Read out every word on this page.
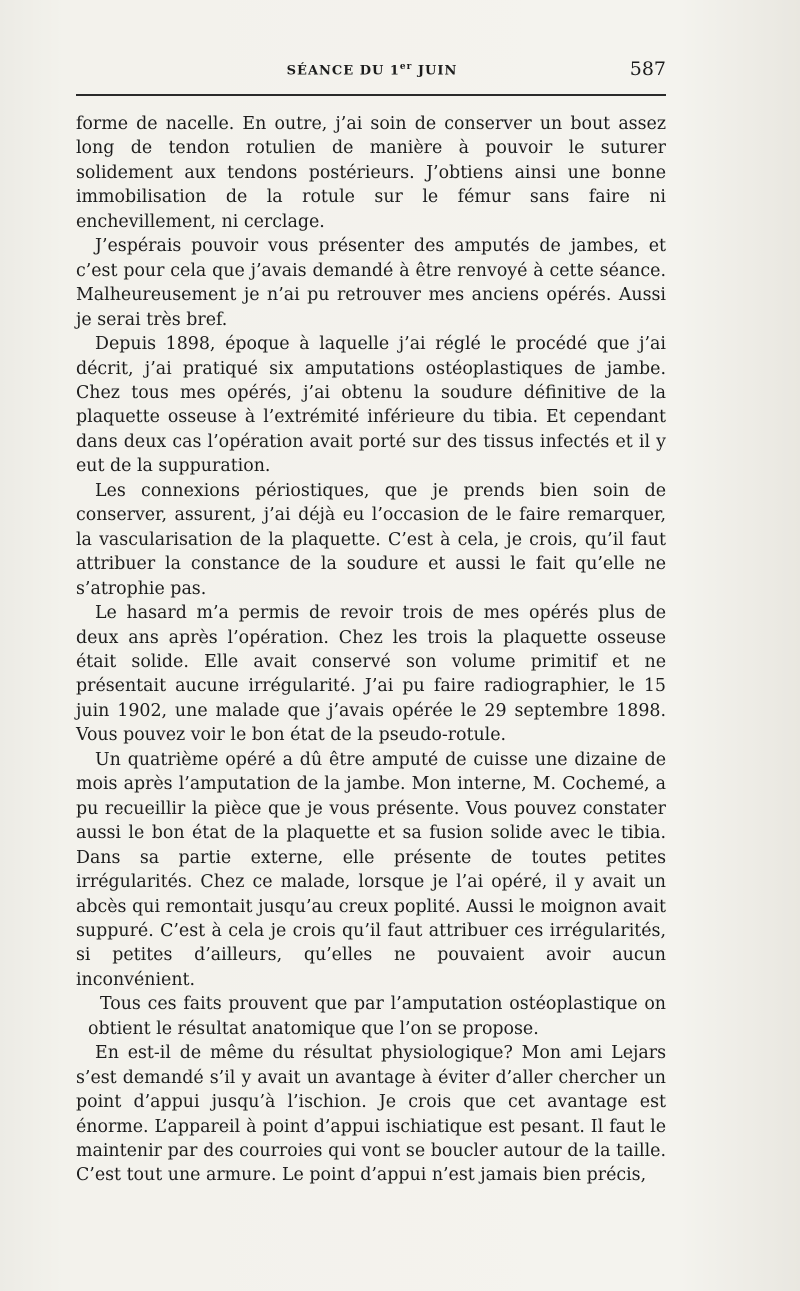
SÉANCE DU 1er JUIN	587

forme de nacelle. En outre, j’ai soin de conserver un bout assez long de tendon rotulien de manière à pouvoir le suturer solidement aux tendons postérieurs. J’obtiens ainsi une bonne immobilisation de la rotule sur le fémur sans faire ni enchevillement, ni cerclage.

J’espérais pouvoir vous présenter des amputés de jambes, et c’est pour cela que j’avais demandé à être renvoyé à cette séance. Malheureusement je n’ai pu retrouver mes anciens opérés. Aussi je serai très bref.

Depuis 1898, époque à laquelle j’ai réglé le procédé que j’ai décrit, j’ai pratiqué six amputations ostéoplastiques de jambe. Chez tous mes opérés, j’ai obtenu la soudure définitive de la plaquette osseuse à l’extrémité inférieure du tibia. Et cependant dans deux cas l’opération avait porté sur des tissus infectés et il y eut de la suppuration.

Les connexions périostiques, que je prends bien soin de conserver, assurent, j’ai déjà eu l’occasion de le faire remarquer, la vascularisation de la plaquette. C’est à cela, je crois, qu’il faut attribuer la constance de la soudure et aussi le fait qu’elle ne s’atrophie pas.

Le hasard m’a permis de revoir trois de mes opérés plus de deux ans après l’opération. Chez les trois la plaquette osseuse était solide. Elle avait conservé son volume primitif et ne présentait aucune irrégularité. J’ai pu faire radiographier, le 15 juin 1902, une malade que j’avais opérée le 29 septembre 1898. Vous pouvez voir le bon état de la pseudo-rotule.

Un quatrième opéré a dû être amputé de cuisse une dizaine de mois après l’amputation de la jambe. Mon interne, M. Cochemé, a pu recueillir la pièce que je vous présente. Vous pouvez constater aussi le bon état de la plaquette et sa fusion solide avec le tibia. Dans sa partie externe, elle présente de toutes petites irrégularités. Chez ce malade, lorsque je l’ai opéré, il y avait un abcès qui remontait jusqu’au creux poplité. Aussi le moignon avait suppuré. C’est à cela je crois qu’il faut attribuer ces irrégularités, si petites d’ailleurs, qu’elles ne pouvaient avoir aucun inconvénient.

Tous ces faits prouvent que par l’amputation ostéoplastique on obtient le résultat anatomique que l’on se propose.

En est-il de même du résultat physiologique? Mon ami Lejars s’est demandé s’il y avait un avantage à éviter d’aller chercher un point d’appui jusqu’à l’ischion. Je crois que cet avantage est énorme. L’appareil à point d’appui ischiatique est pesant. Il faut le maintenir par des courroies qui vont se boucler autour de la taille. C’est tout une armure. Le point d’appui n’est jamais bien précis,
